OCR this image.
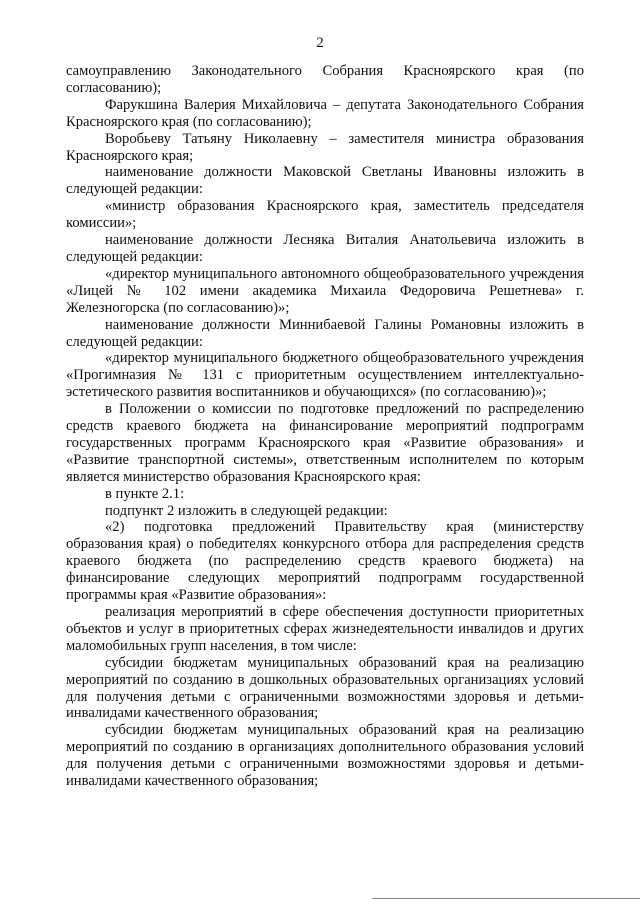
2

самоуправлению Законодательного Собрания Красноярского края (по согласованию);

Фарукшина Валерия Михайловича – депутата Законодательного Собрания Красноярского края (по согласованию);

Воробьеву Татьяну Николаевну – заместителя министра образования Красноярского края;

наименование должности Маковской Светланы Ивановны изложить в следующей редакции:

«министр образования Красноярского края, заместитель председателя комиссии»;

наименование должности Лесняка Виталия Анатольевича изложить в следующей редакции:

«директор муниципального автономного общеобразовательного учреждения «Лицей № 102 имени академика Михаила Федоровича Решетнева» г. Железногорска (по согласованию)»;

наименование должности Миннибаевой Галины Романовны изложить в следующей редакции:

«директор муниципального бюджетного общеобразовательного учреждения «Прогимназия № 131 с приоритетным осуществлением интеллектуально-эстетического развития воспитанников и обучающихся» (по согласованию)»;

в Положении о комиссии по подготовке предложений по распределению средств краевого бюджета на финансирование мероприятий подпрограмм государственных программ Красноярского края «Развитие образования» и «Развитие транспортной системы», ответственным исполнителем по которым является министерство образования Красноярского края:

в пункте 2.1:

подпункт 2 изложить в следующей редакции:

«2) подготовка предложений Правительству края (министерству образования края) о победителях конкурсного отбора для распределения средств краевого бюджета (по распределению средств краевого бюджета) на финансирование следующих мероприятий подпрограмм государственной программы края «Развитие образования»:

реализация мероприятий в сфере обеспечения доступности приоритетных объектов и услуг в приоритетных сферах жизнедеятельности инвалидов и других маломобильных групп населения, в том числе:

субсидии бюджетам муниципальных образований края на реализацию мероприятий по созданию в дошкольных образовательных организациях условий для получения детьми с ограниченными возможностями здоровья и детьми-инвалидами качественного образования;

субсидии бюджетам муниципальных образований края на реализацию мероприятий по созданию в организациях дополнительного образования условий для получения детьми с ограниченными возможностями здоровья и детьми-инвалидами качественного образования;
